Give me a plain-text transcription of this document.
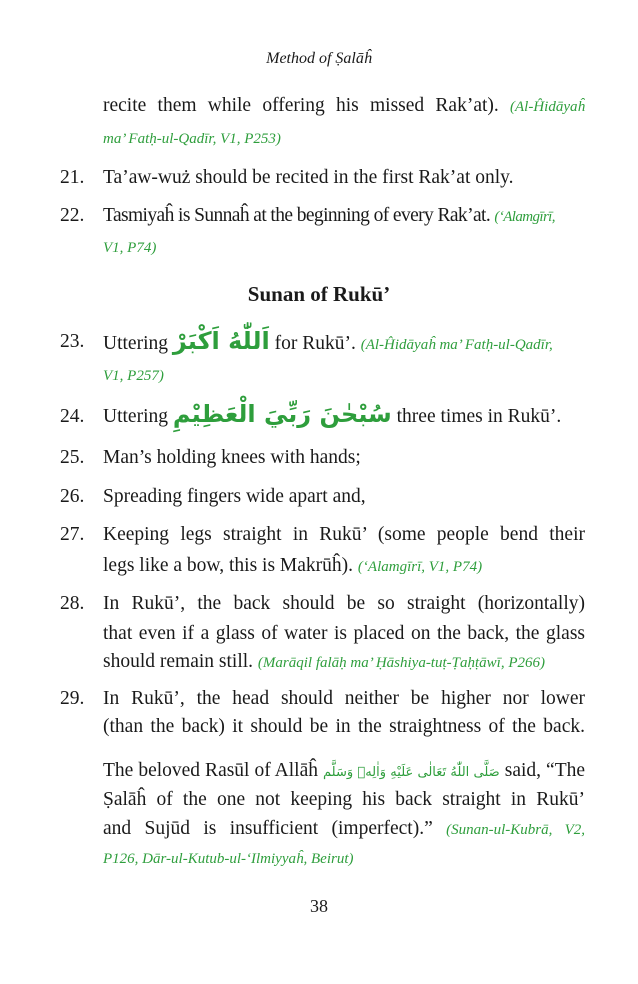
Method of Ṣalāĥ
recite them while offering his missed Rak’at). (Al-Ĥidāyaĥ
ma’ Fatḥ-ul-Qadīr, V1, P253)
21. Ta’aw-wuż should be recited in the first Rak’at only.
22. Tasmiyaĥ is Sunnaĥ at the beginning of every Rak’at. (‘Alamgīrī,
V1, P74)
Sunan of Rukū’
23. Uttering اَللّٰهُ اَكْبَرْ for Rukū’. (Al-Ĥidāyaĥ ma’ Fatḥ-ul-Qadīr,
V1, P257)
24. Uttering سُبْحٰنَ رَبِّيَ الْعَظِيْمِ three times in Rukū’.
25. Man’s holding knees with hands;
26. Spreading fingers wide apart and,
27. Keeping legs straight in Rukū’ (some people bend their
legs like a bow, this is Makrūĥ). (‘Alamgīrī, V1, P74)
28. In Rukū’, the back should be so straight (horizontally)
that even if a glass of water is placed on the back, the glass
should remain still. (Marāqil falāḥ ma’ Ḥāshiya-tuṭ-Ṭaḥṭāwī, P266)
29. In Rukū’, the head should neither be higher nor lower
(than the back) it should be in the straightness of the back.
The beloved Rasūl of Allāĥ صَلَّى اللّٰهُ تَعَالٰى عَلَيْهِ وَاٰلِهٖ وَسَلَّم said, “The
Ṣalāĥ of the one not keeping his back straight in Rukū’
and Sujūd is insufficient (imperfect).” (Sunan-ul-Kubrā, V2,
P126, Dār-ul-Kutub-ul-‘Ilmiyyaĥ, Beirut)
38
